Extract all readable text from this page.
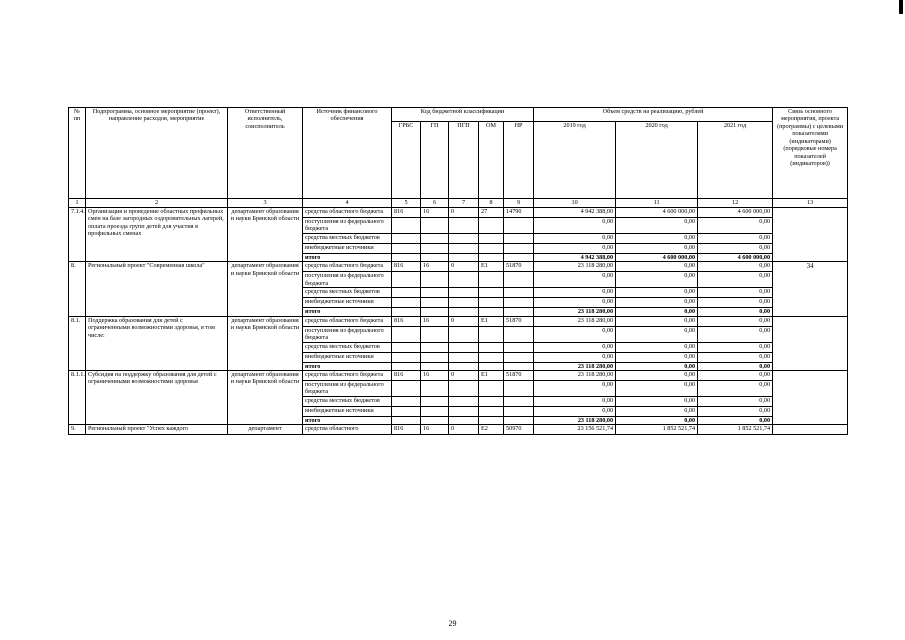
№ пп	Подпрограмма, основное мероприятие (проект), направление расходов, мероприятие	Ответственный исполнитель, соисполнитель	Источник финансового обеспечения	Код бюджетной классификации					Объем средств на реализацию, рублей			Связь основного мероприятия, проекта (программы) с целевыми показателями (индикаторами) (порядковые номера показателей (индикаторов))
				ГРБС	ГП	ПГП	ОМ	НР	2019 год	2020 год	2021 год	
1	2	3	4	5	6	7	8	9	10	11	12	13
7.1.4.	Организация и проведение областных профильных смен на базе загородных оздоровительных лагерей, оплата проезда групп детей для участия в профильных сменах	департамент образования и науки Брянской области	средства областного бюджета	816	16	0	27	14790	4 942 388,00	4 600 000,00	4 600 000,00	
			поступления из федерального бюджета						0,00	0,00	0,00	
			средства местных бюджетов						0,00	0,00	0,00	
			внебюджетные источники						0,00	0,00	0,00	
			итого						4 942 388,00	4 600 000,00	4 600 000,00	
8.	Региональный проект "Современная школа"	департамент образования и науки Брянской области	средства областного бюджета	816	16	0	E1	51870	23 118 280,00	0,00	0,00	34
			поступления из федерального бюджета						0,00	0,00	0,00	
			средства местных бюджетов						0,00	0,00	0,00	
			внебюджетные источники						0,00	0,00	0,00	
			итого						23 118 280,00	0,00	0,00	
8.1.	Поддержка образования для детей с ограниченными возможностями здоровья, в том числе:	департамент образования и науки Брянской области	средства областного бюджета	816	16	0	E1	51870	23 118 280,00	0,00	0,00	
			поступления из федерального бюджета						0,00	0,00	0,00	
			средства местных бюджетов						0,00	0,00	0,00	
			внебюджетные источники						0,00	0,00	0,00	
			итого						23 118 280,00	0,00	0,00	
8.1.1.	Субсидия на поддержку образования для детей с ограниченными возможностями здоровья	департамент образования и науки Брянской области	средства областного бюджета	816	16	0	E1	51870	23 118 280,00	0,00	0,00	
			поступления из федерального бюджета						0,00	0,00	0,00	
			средства местных бюджетов						0,00	0,00	0,00	
			внебюджетные источники						0,00	0,00	0,00	
			итого						23 118 280,00	0,00	0,00	
9.	Региональный проект "Успех каждого	департамент	средства областного	816	16	0	E2	50970	23 156 521,74	1 852 521,74	1 852 521,74	
29
